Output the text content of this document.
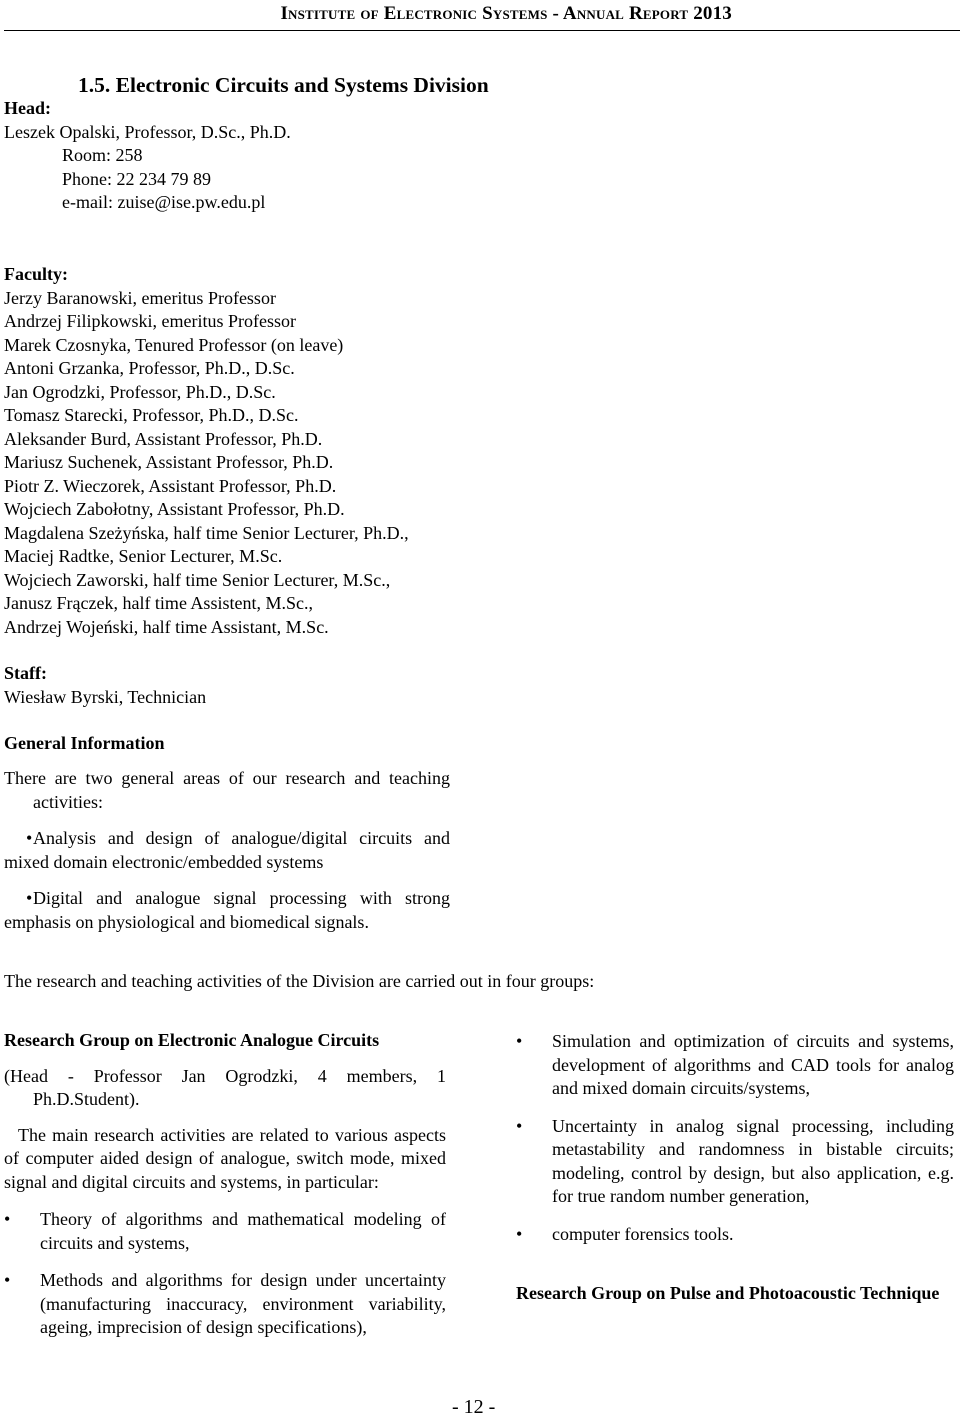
Institute of Electronic Systems - Annual Report 2013
1.5. Electronic Circuits and Systems Division

Head:

Leszek Opalski, Professor, D.Sc., Ph.D.

Room: 258

Phone: 22 234 79 89

e-mail: zuise@ise.pw.edu.pl

Faculty:

Jerzy Baranowski, emeritus Professor

Andrzej Filipkowski, emeritus Professor

Marek Czosnyka, Tenured Professor (on leave)

Antoni Grzanka, Professor, Ph.D., D.Sc.

Jan Ogrodzki, Professor, Ph.D., D.Sc.

Tomasz Starecki, Professor, Ph.D., D.Sc.

Aleksander Burd, Assistant Professor, Ph.D.

Mariusz Suchenek, Assistant Professor, Ph.D.

Piotr Z. Wieczorek, Assistant Professor, Ph.D.

Wojciech Zabołotny, Assistant Professor, Ph.D.

Magdalena Szeżyńska, half time Senior Lecturer, Ph.D.,

Maciej Radtke, Senior Lecturer, M.Sc.

Wojciech Zaworski, half time Senior Lecturer, M.Sc.,

Janusz Frączek, half time Assistent, M.Sc.,

Andrzej Wojeński, half time Assistant, M.Sc.

Staff:

Wiesław Byrski, Technician

General Information

There are two general areas of our research and teaching activities:

•Analysis and design of analogue/digital circuits and mixed domain electronic/embedded systems

•Digital and analogue signal processing with strong emphasis on physiological and biomedical signals.

The research and teaching activities of the Division are carried out in four groups:

Research Group on Electronic Analogue Circuits

(Head - Professor Jan Ogrodzki, 4 members, 1 Ph.D.Student).

The main research activities are related to various aspects of computer aided design of analogue, switch mode, mixed signal and digital circuits and systems, in particular:

• Theory of algorithms and mathematical modeling of circuits and systems,
• Methods and algorithms for design under uncertainty (manufacturing inaccuracy, environment variability, ageing, imprecision of design specifications),
• Simulation and optimization of circuits and systems, development of algorithms and CAD tools for analog and mixed domain circuits/systems,
• Uncertainty in analog signal processing, including metastability and randomness in bistable circuits; modeling, control by design, but also application, e.g. for true random number generation,
• computer forensics tools.

Research Group on Pulse and Photoacoustic Technique

- 12 -
